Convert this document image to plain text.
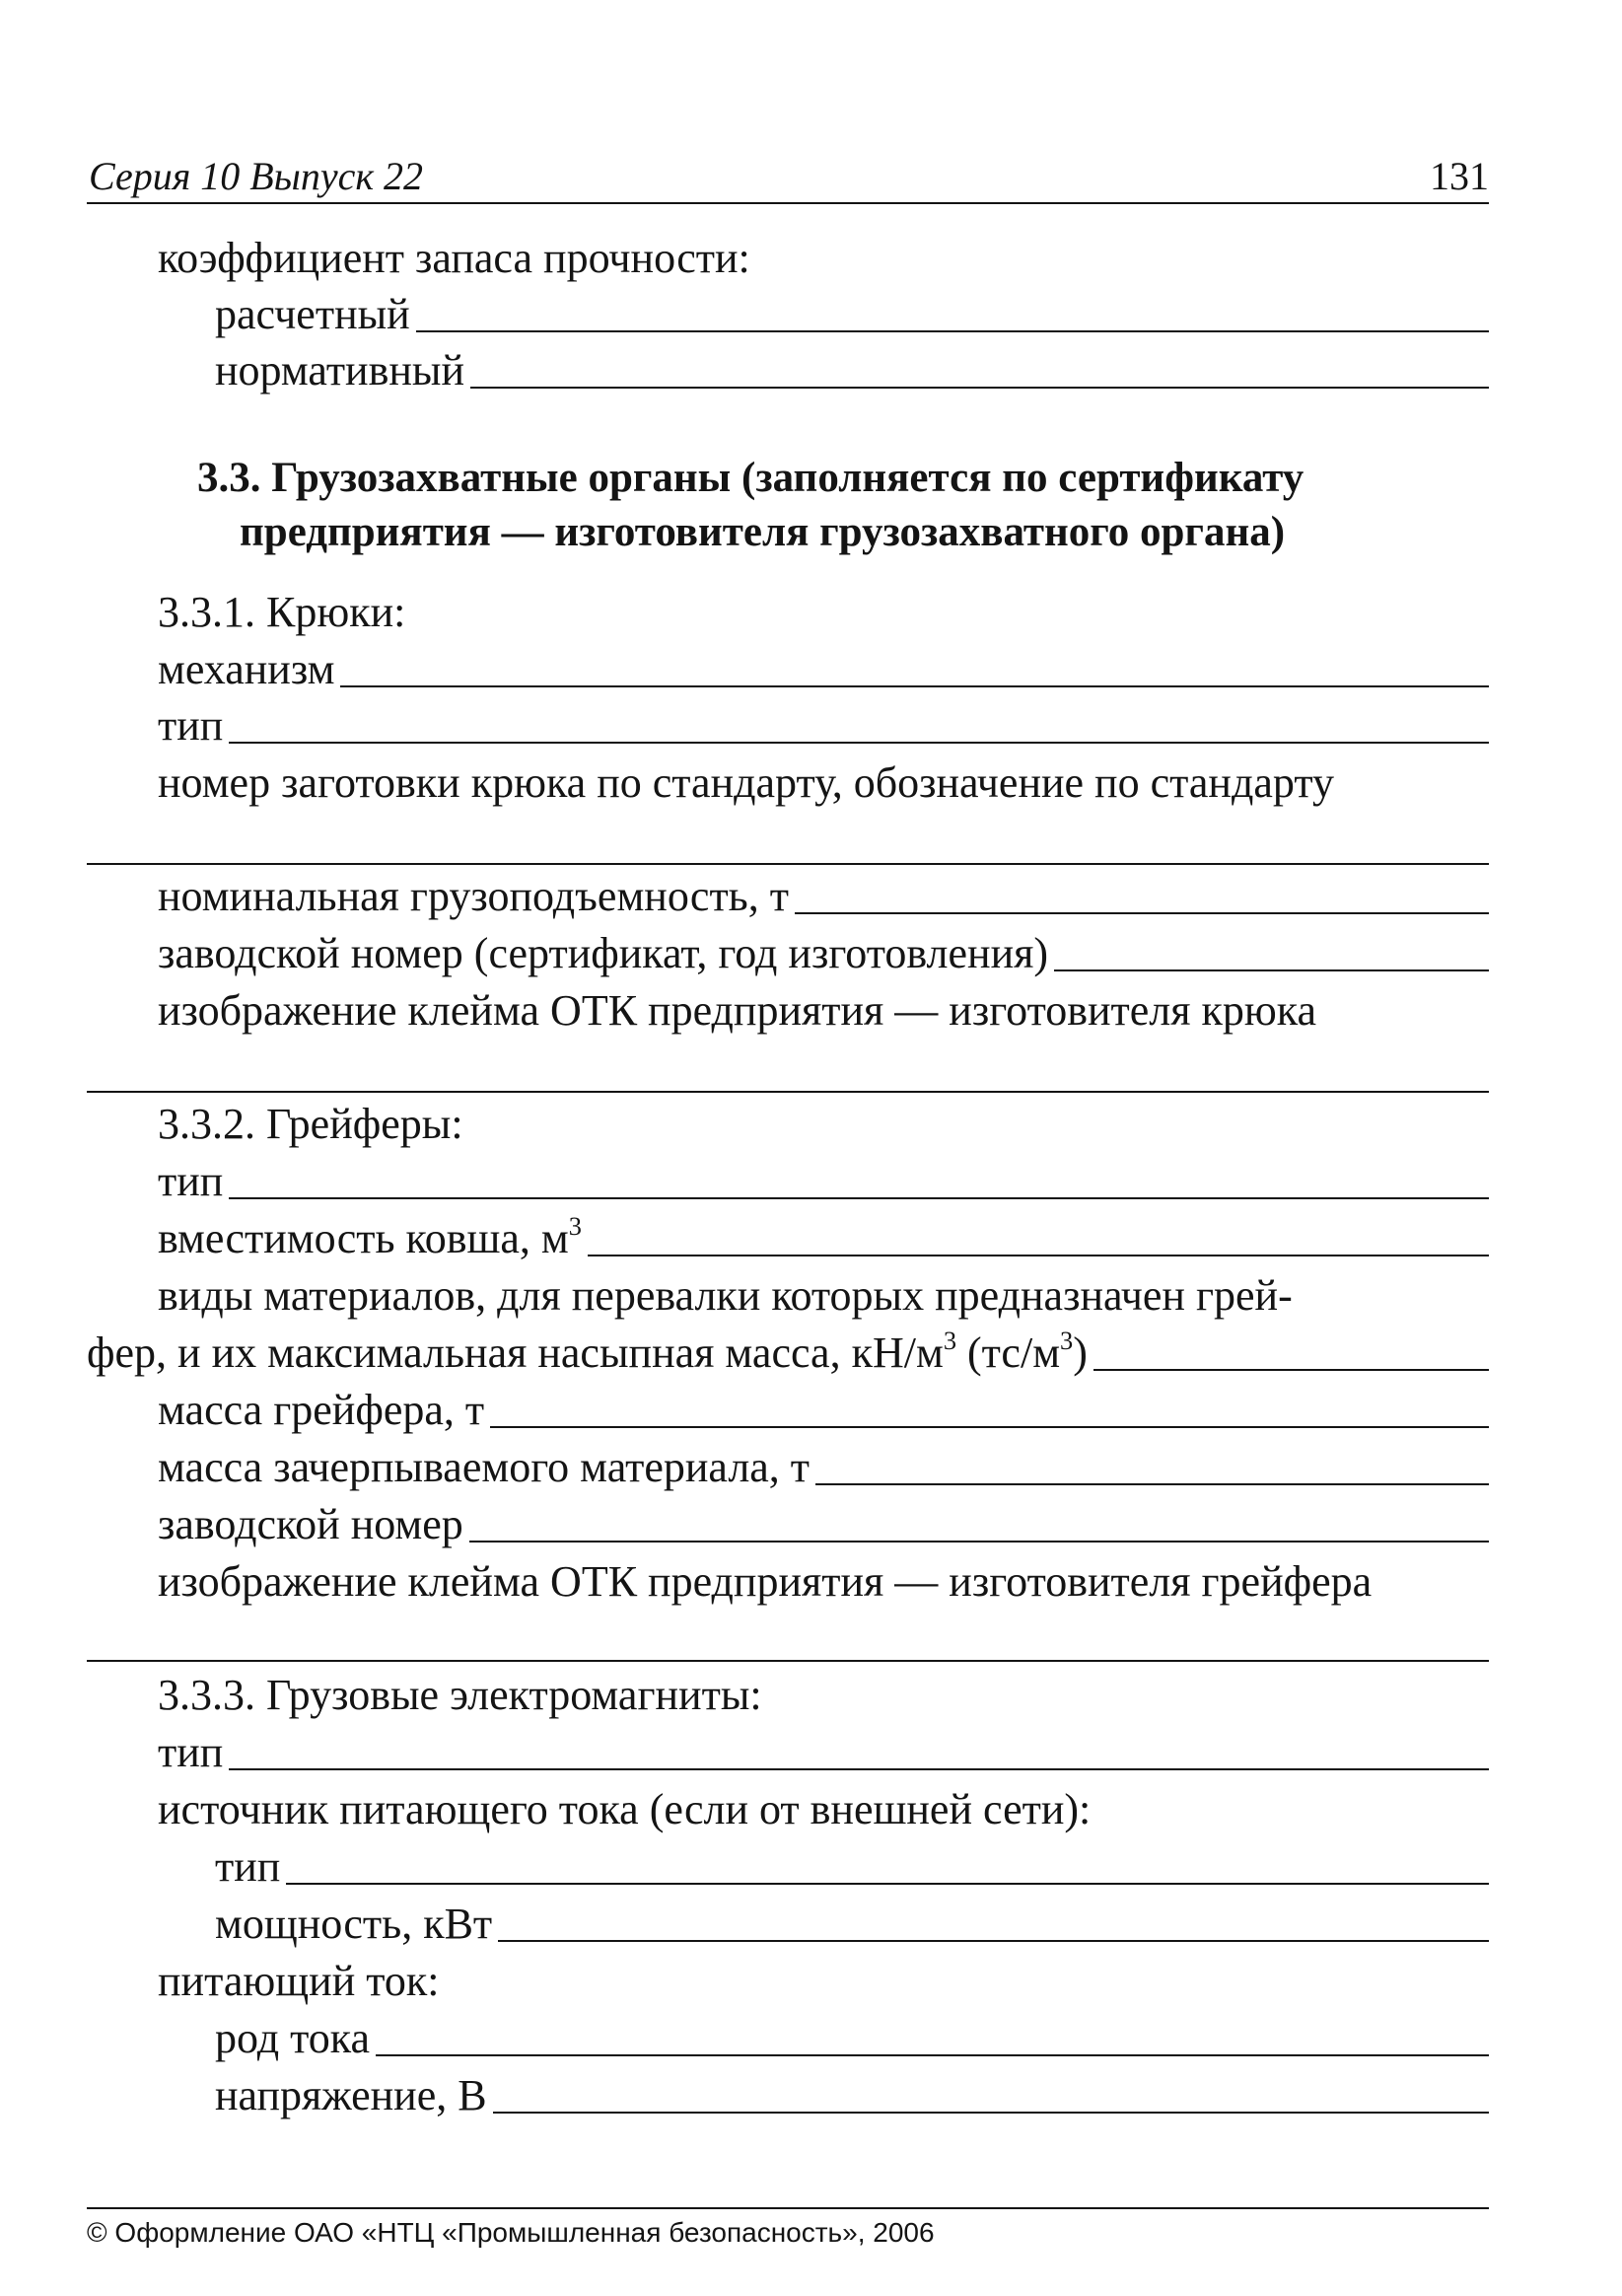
Серия 10 Выпуск 22	131
коэффициент запаса прочности:
расчетный
нормативный
3.3. Грузозахватные органы (заполняется по сертификату
предприятия — изготовителя грузозахватного органа)
3.3.1. Крюки:
механизм
тип
номер заготовки крюка по стандарту, обозначение по стандарту
номинальная грузоподъемность, т
заводской номер (сертификат, год изготовления)
изображение клейма ОТК предприятия — изготовителя крюка
3.3.2. Грейферы:
тип
вместимость ковша, $м^3$
виды материалов, для перевалки которых предназначен грей-
фер, и их максимальная насыпная масса, $кН/м^3$ $(тс/м^3)$
масса грейфера, т
масса зачерпываемого материала, т
заводской номер
изображение клейма ОТК предприятия — изготовителя грейфера
3.3.3. Грузовые электромагниты:
тип
источник питающего тока (если от внешней сети):
тип
мощность, кВт
питающий ток:
род тока
напряжение, В
© Оформление ОАО «НТЦ «Промышленная безопасность», 2006
